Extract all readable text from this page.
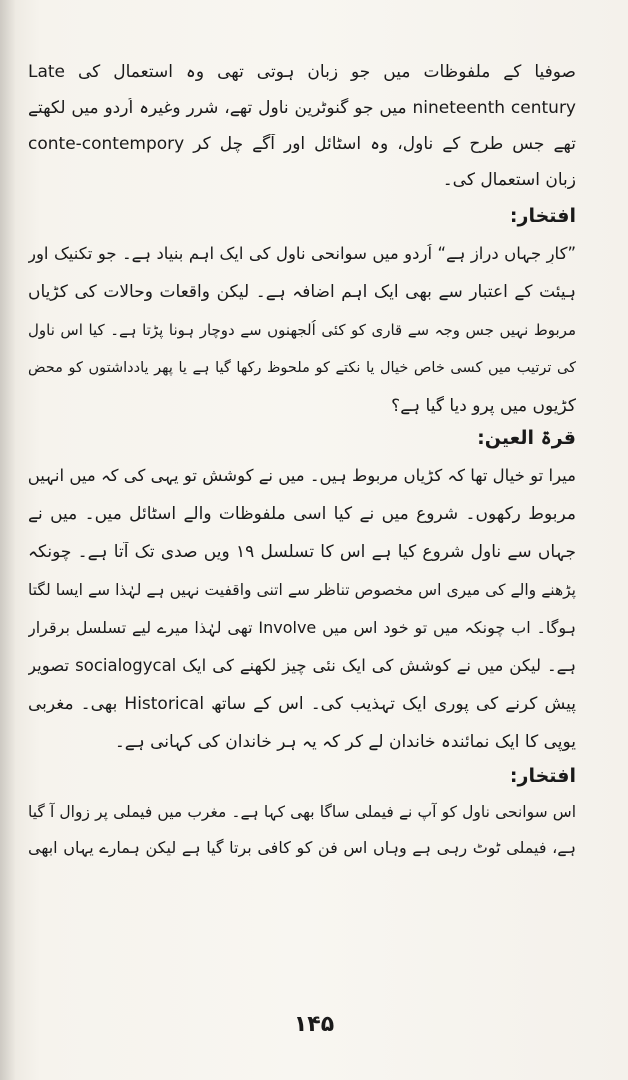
صوفیا کے ملفوظات میں جو زبان ہوتی تھی وہ استعمال کی Late

nineteenth century میں جو گنوٹرین ناول تھے، شرر وغیرہ اُردو میں لکھتے

تھے جس طرح کے ناول، وہ اسٹائل اور آگے چل کر conte-contempory

زبان استعمال کی۔

افتخار:

”کارِ جہاں دراز ہے“ اُردو میں سوانحی ناول کی ایک اہم بنیاد ہے۔ جو تکنیک اور

ہیئت کے اعتبار سے بھی ایک اہم اضافہ ہے۔ لیکن واقعات وحالات کی کڑیاں

مربوط نہیں جس وجہ سے قاری کو کئی اُلجھنوں سے دوچار ہونا پڑتا ہے۔ کیا اس ناول

کی ترتیب میں کسی خاص خیال یا نکتے کو ملحوظ رکھا گیا ہے یا پھر یادداشتوں کو محض

کڑیوں میں پرو دیا گیا ہے؟

قرۃ العین:

میرا تو خیال تھا کہ کڑیاں مربوط ہیں۔ میں نے کوشش تو یہی کی کہ میں انہیں

مربوط رکھوں۔ شروع میں نے کیا اسی ملفوظات والے اسٹائل میں۔ میں نے

جہاں سے ناول شروع کیا ہے اس کا تسلسل ۱۹ ویں صدی تک آتا ہے۔ چونکہ

پڑھنے والے کی میری اس مخصوص تناظر سے اتنی واقفیت نہیں ہے لہٰذا سے ایسا لگتا

ہوگا۔ اب چونکہ میں تو خود اس میں Involve تھی لہٰذا میرے لیے تسلسل برقرار

ہے۔ لیکن میں نے کوشش کی ایک نئی چیز لکھنے کی ایک socialogycal تصویر

پیش کرنے کی پوری ایک تہذیب کی۔ اس کے ساتھ Historical بھی۔ مغربی

یوپی کا ایک نمائندہ خاندان لے کر کہ یہ ہر خاندان کی کہانی ہے۔

افتخار:

اس سوانحی ناول کو آپ نے فیملی ساگا بھی کہا ہے۔ مغرب میں فیملی پر زوال آ گیا

ہے، فیملی ٹوٹ رہی ہے وہاں اس فن کو کافی برتا گیا ہے لیکن ہمارے یہاں ابھی

۱۴۵
